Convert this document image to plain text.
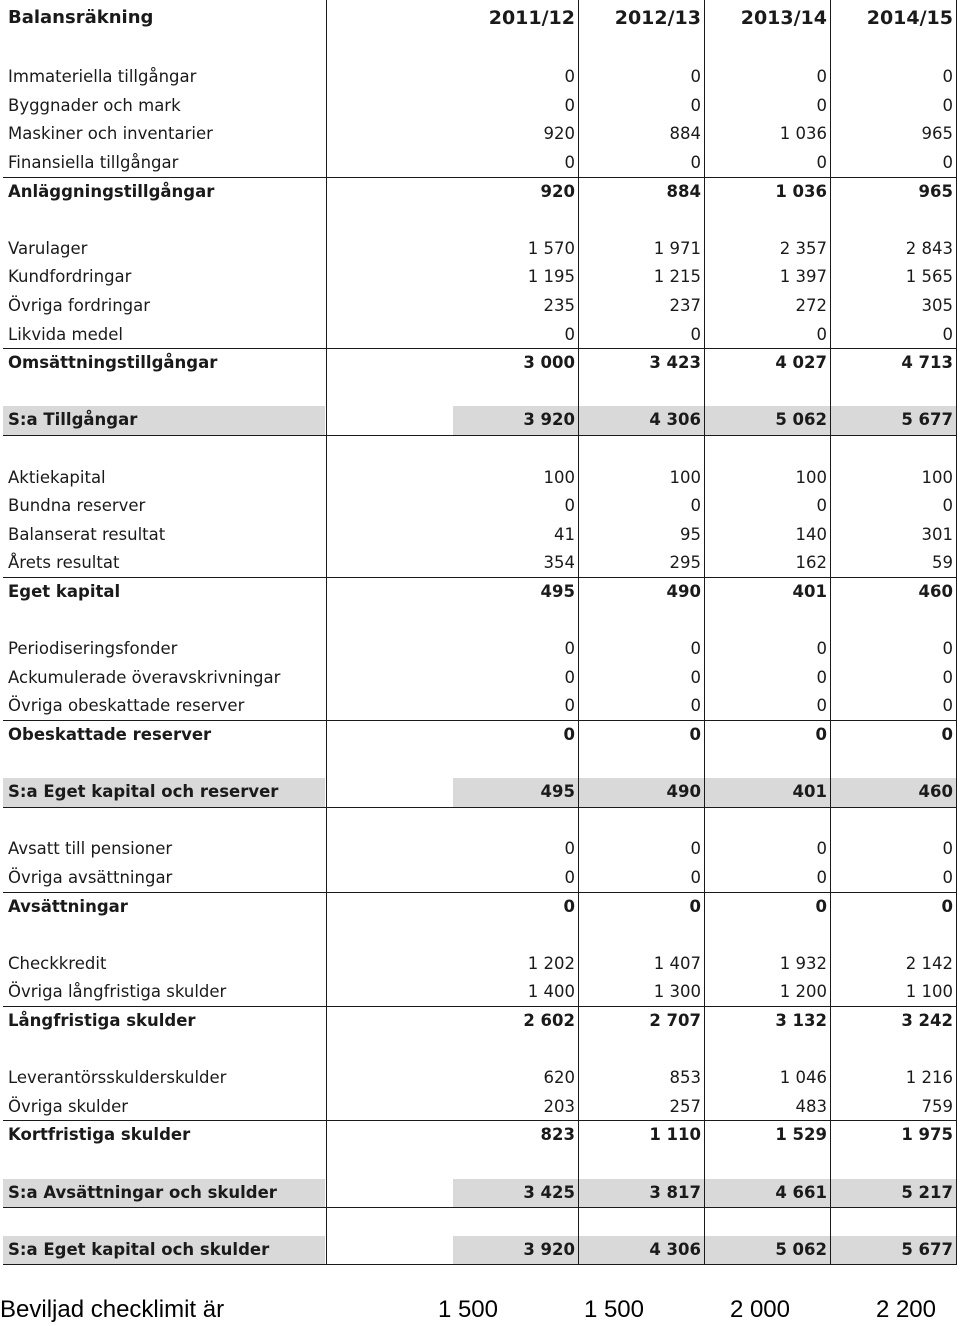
Balansräkning	2011/12	2012/13	2013/14	2014/15
Immateriella tillgångar	0	0	0	0
Byggnader och mark	0	0	0	0
Maskiner och inventarier	920	884	1 036	965
Finansiella tillgångar	0	0	0	0
Anläggningstillgångar	920	884	1 036	965
Varulager	1 570	1 971	2 357	2 843
Kundfordringar	1 195	1 215	1 397	1 565
Övriga fordringar	235	237	272	305
Likvida medel	0	0	0	0
Omsättningstillgångar	3 000	3 423	4 027	4 713
S:a Tillgångar	3 920	4 306	5 062	5 677
Aktiekapital	100	100	100	100
Bundna reserver	0	0	0	0
Balanserat resultat	41	95	140	301
Årets resultat	354	295	162	59
Eget kapital	495	490	401	460
Periodiseringsfonder	0	0	0	0
Ackumulerade överavskrivningar	0	0	0	0
Övriga obeskattade reserver	0	0	0	0
Obeskattade reserver	0	0	0	0
S:a Eget kapital och reserver	495	490	401	460
Avsatt till pensioner	0	0	0	0
Övriga avsättningar	0	0	0	0
Avsättningar	0	0	0	0
Checkkredit	1 202	1 407	1 932	2 142
Övriga långfristiga skulder	1 400	1 300	1 200	1 100
Långfristiga skulder	2 602	2 707	3 132	3 242
Leverantörsskulderskulder	620	853	1 046	1 216
Övriga skulder	203	257	483	759
Kortfristiga skulder	823	1 110	1 529	1 975
S:a Avsättningar och skulder	3 425	3 817	4 661	5 217
S:a Eget kapital och skulder	3 920	4 306	5 062	5 677
Beviljad checklimit är	1 500	1 500	2 000	2 200
